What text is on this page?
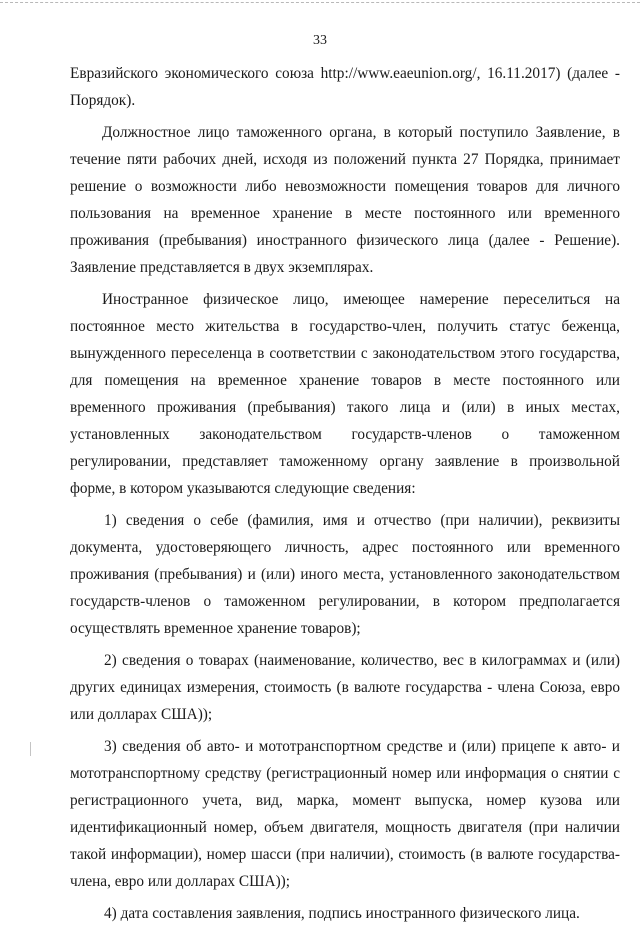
33

Евразийского экономического союза http://www.eaeunion.org/, 16.11.2017) (далее - Порядок).

Должностное лицо таможенного органа, в который поступило Заявление, в течение пяти рабочих дней, исходя из положений пункта 27 Порядка, принимает решение о возможности либо невозможности помещения товаров для личного пользования на временное хранение в месте постоянного или временного проживания (пребывания) иностранного физического лица (далее - Решение). Заявление представляется в двух экземплярах.

Иностранное физическое лицо, имеющее намерение переселиться на постоянное место жительства в государство-член, получить статус беженца, вынужденного переселенца в соответствии с законодательством этого государства, для помещения на временное хранение товаров в месте постоянного или временного проживания (пребывания) такого лица и (или) в иных местах, установленных законодательством государств-членов о таможенном регулировании, представляет таможенному органу заявление в произвольной форме, в котором указываются следующие сведения:

1) сведения о себе (фамилия, имя и отчество (при наличии), реквизиты документа, удостоверяющего личность, адрес постоянного или временного проживания (пребывания) и (или) иного места, установленного законодательством государств-членов о таможенном регулировании, в котором предполагается осуществлять временное хранение товаров);

2) сведения о товарах (наименование, количество, вес в килограммах и (или) других единицах измерения, стоимость (в валюте государства - члена Союза, евро или долларах США));

3) сведения об авто- и мототранспортном средстве и (или) прицепе к авто- и мототранспортному средству (регистрационный номер или информация о снятии с регистрационного учета, вид, марка, момент выпуска, номер кузова или идентификационный номер, объем двигателя, мощность двигателя (при наличии такой информации), номер шасси (при наличии), стоимость (в валюте государства-члена, евро или долларах США));

4) дата составления заявления, подпись иностранного физического лица.
